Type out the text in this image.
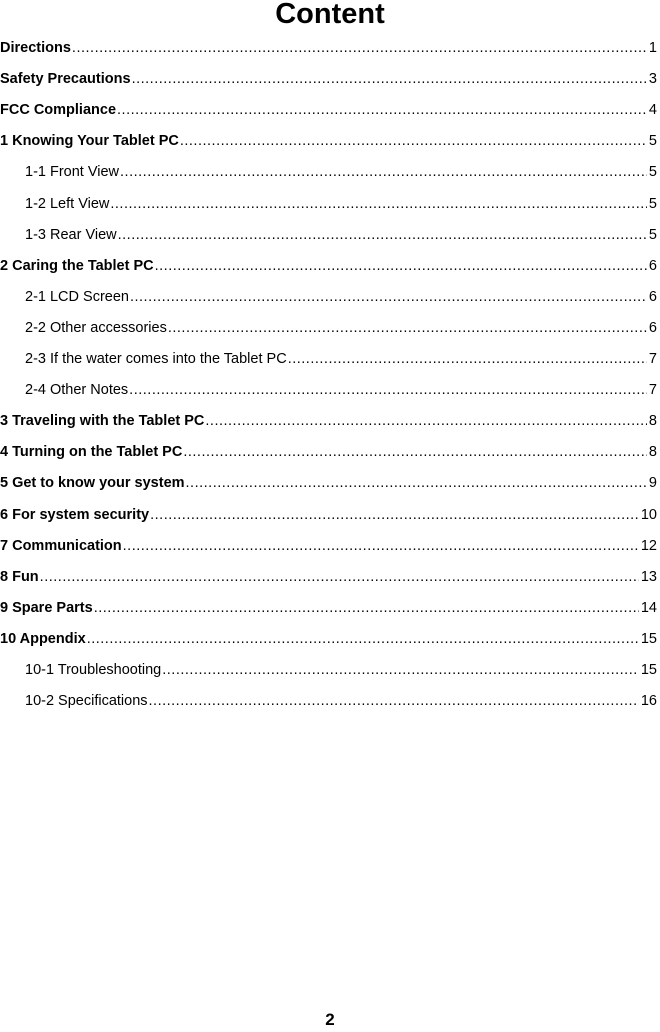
Content
Directions .....	1
Safety Precautions .....	3
FCC Compliance .....	4
1 Knowing Your Tablet PC .....	5
1-1 Front View .....	5
1-2 Left View .....	5
1-3 Rear View .....	5
2 Caring the Tablet PC .....	6
2-1 LCD Screen .....	6
2-2 Other accessories .....	6
2-3 If the water comes into the Tablet PC .....	7
2-4 Other Notes .....	7
3 Traveling with the Tablet PC .....	8
4 Turning on the Tablet PC .....	8
5 Get to know your system .....	9
6 For system security .....	10
7 Communication .....	12
8 Fun .....	13
9 Spare Parts .....	14
10 Appendix .....	15
10-1 Troubleshooting .....	15
10-2 Specifications .....	16
2
